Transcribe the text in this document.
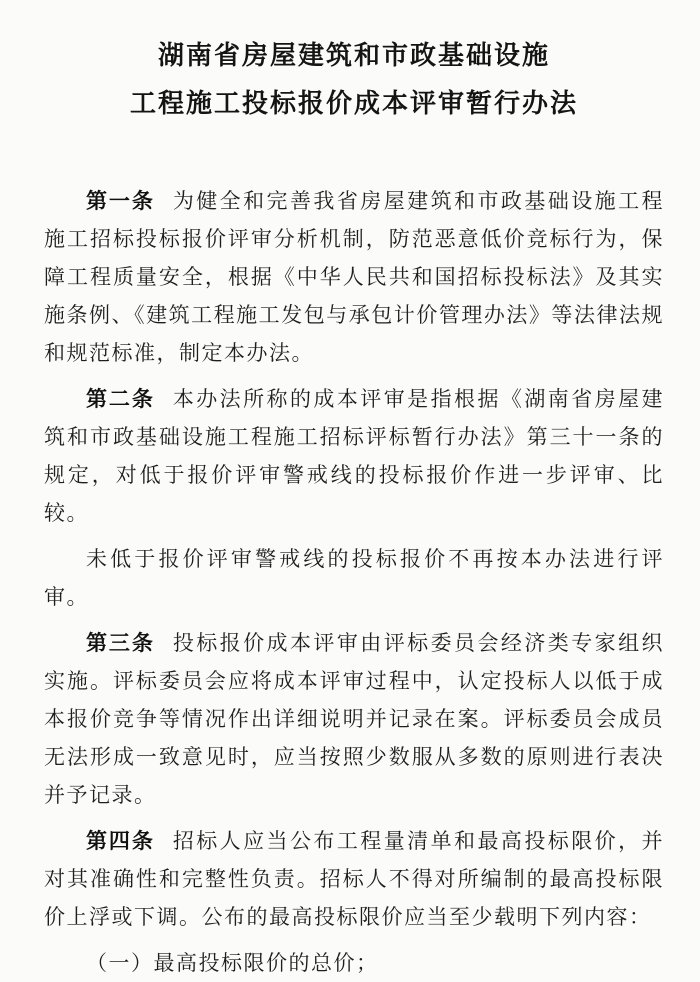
湖南省房屋建筑和市政基础设施
工程施工投标报价成本评审暂行办法

第一条 为健全和完善我省房屋建筑和市政基础设施工程施工招标投标报价评审分析机制，防范恶意低价竞标行为，保障工程质量安全，根据《中华人民共和国招标投标法》及其实施条例、《建筑工程施工发包与承包计价管理办法》等法律法规和规范标准，制定本办法。

第二条 本办法所称的成本评审是指根据《湖南省房屋建筑和市政基础设施工程施工招标评标暂行办法》第三十一条的规定，对低于报价评审警戒线的投标报价作进一步评审、比较。

未低于报价评审警戒线的投标报价不再按本办法进行评审。

第三条 投标报价成本评审由评标委员会经济类专家组织实施。评标委员会应将成本评审过程中，认定投标人以低于成本报价竞争等情况作出详细说明并记录在案。评标委员会成员无法形成一致意见时，应当按照少数服从多数的原则进行表决并予记录。

第四条 招标人应当公布工程量清单和最高投标限价，并对其准确性和完整性负责。招标人不得对所编制的最高投标限价上浮或下调。公布的最高投标限价应当至少载明下列内容：

（一）最高投标限价的总价；
